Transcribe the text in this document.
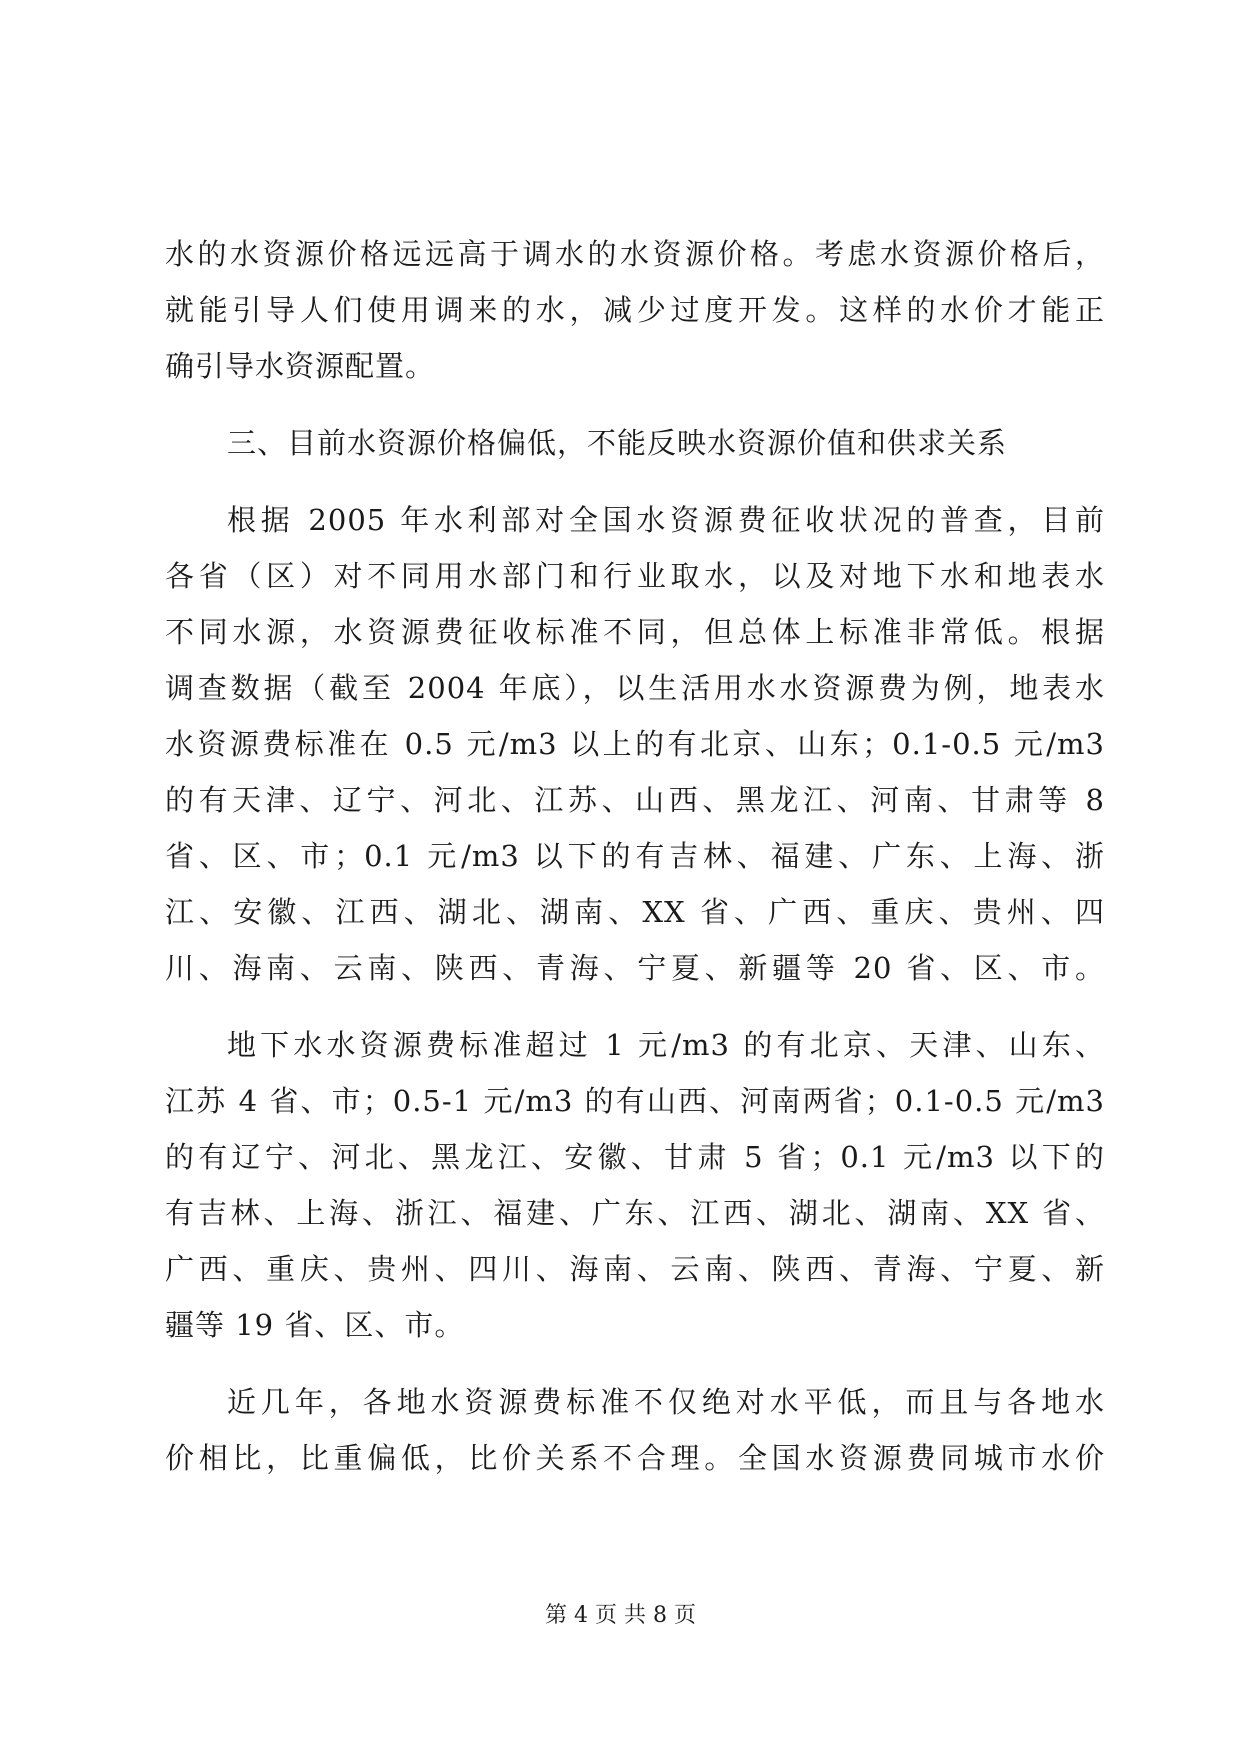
水的水资源价格远远高于调水的水资源价格。考虑水资源价格后，
就能引导人们使用调来的水，减少过度开发。这样的水价才能正
确引导水资源配置。
三、目前水资源价格偏低，不能反映水资源价值和供求关系
根据 2005 年水利部对全国水资源费征收状况的普查，目前
各省（区）对不同用水部门和行业取水，以及对地下水和地表水
不同水源，水资源费征收标准不同，但总体上标准非常低。根据
调查数据（截至 2004 年底），以生活用水水资源费为例，地表水
水资源费标准在 0.5 元/m3 以上的有北京、山东；0.1-0.5 元/m3
的有天津、辽宁、河北、江苏、山西、黑龙江、河南、甘肃等 8
省、区、市；0.1 元/m3 以下的有吉林、福建、广东、上海、浙
江、安徽、江西、湖北、湖南、XX 省、广西、重庆、贵州、四
川、海南、云南、陕西、青海、宁夏、新疆等 20 省、区、市。
地下水水资源费标准超过 1 元/m3 的有北京、天津、山东、
江苏 4 省、市；0.5-1 元/m3 的有山西、河南两省；0.1-0.5 元/m3
的有辽宁、河北、黑龙江、安徽、甘肃 5 省；0.1 元/m3 以下的
有吉林、上海、浙江、福建、广东、江西、湖北、湖南、XX 省、
广西、重庆、贵州、四川、海南、云南、陕西、青海、宁夏、新
疆等 19 省、区、市。
近几年，各地水资源费标准不仅绝对水平低，而且与各地水
价相比，比重偏低，比价关系不合理。全国水资源费同城市水价
第 4 页 共 8 页
